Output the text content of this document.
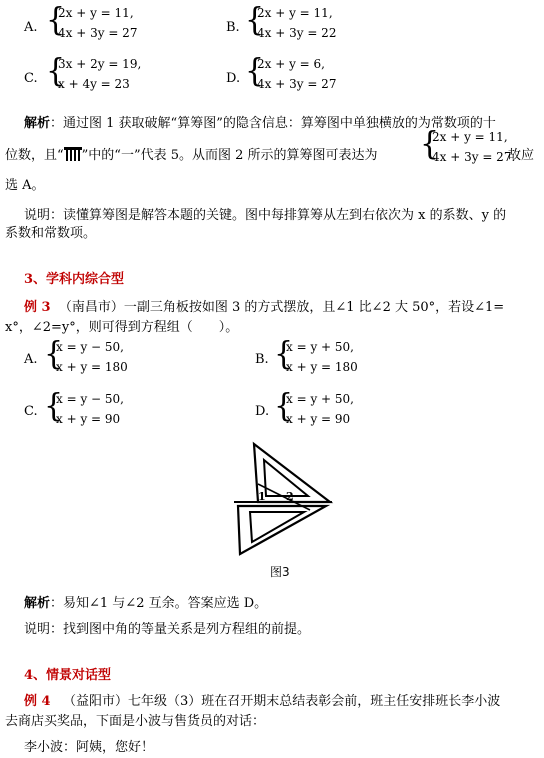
A. {
2x + y = 11,
4x + 3y = 27	B. {
2x + y = 11,
4x + 3y = 22
C. {
3x + 2y = 19,
x + 4y = 23	D. {
2x + y = 6,
4x + 3y = 27
解析：通过图 1 获取破解“算筹图”的隐含信息：算筹图中单独横放的为常数项的十
位数，且“ ”中的“一”代表 5。从而图 2 所示的算筹图可表达为 {
2x + y = 11,
4x + 3y = 27.
故应
选 A。
说明：读懂算筹图是解答本题的关键。图中每排算筹从左到右依次为 x 的系数、y 的
系数和常数项。
3、学科内综合型
例 3 （南昌市）一副三角板按如图 3 的方式摆放，且∠1 比∠2 大 50°，若设∠1=
x°，∠2=y°，则可得到方程组（　　）。
A. {
x = y − 50,
x + y = 180	B. {
x = y + 50,
x + y = 180
C. {
x = y − 50,
x + y = 90	D. {
x = y + 50,
x + y = 90
1 2
图3
解析：易知∠1 与∠2 互余。答案应选 D。
说明：找到图中角的等量关系是列方程组的前提。
4、情景对话型
例 4 （益阳市）七年级（3）班在召开期末总结表彰会前，班主任安排班长李小波
去商店买奖品，下面是小波与售货员的对话：
李小波：阿姨，您好！
